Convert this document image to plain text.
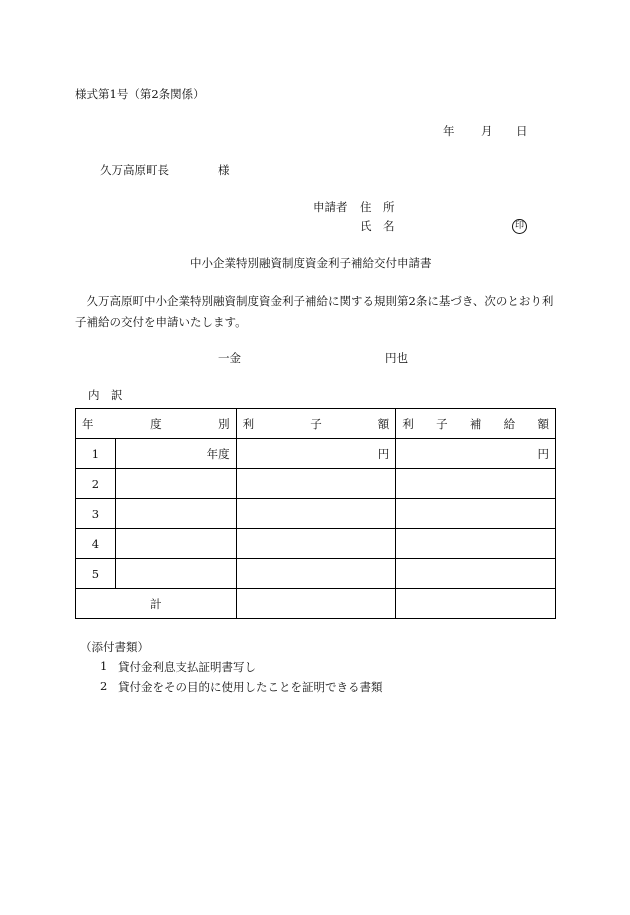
様式第1号（第2条関係）
年 月 日
久万高原町長	様
申請者 住　所
氏　名	印
中小企業特別融資制度資金利子補給交付申請書
　久万高原町中小企業特別融資制度資金利子補給に関する規則第2条に基づき、次のとおり利子補給の交付を申請いたします。
一金	円也
内　訳
年 度 別		利 子 額	利 子 補 給 額

1	年度	円	円
2			
3			
4			
5			
計			
（添付書類）
1 貸付金利息支払証明書写し
2 貸付金をその目的に使用したことを証明できる書類
